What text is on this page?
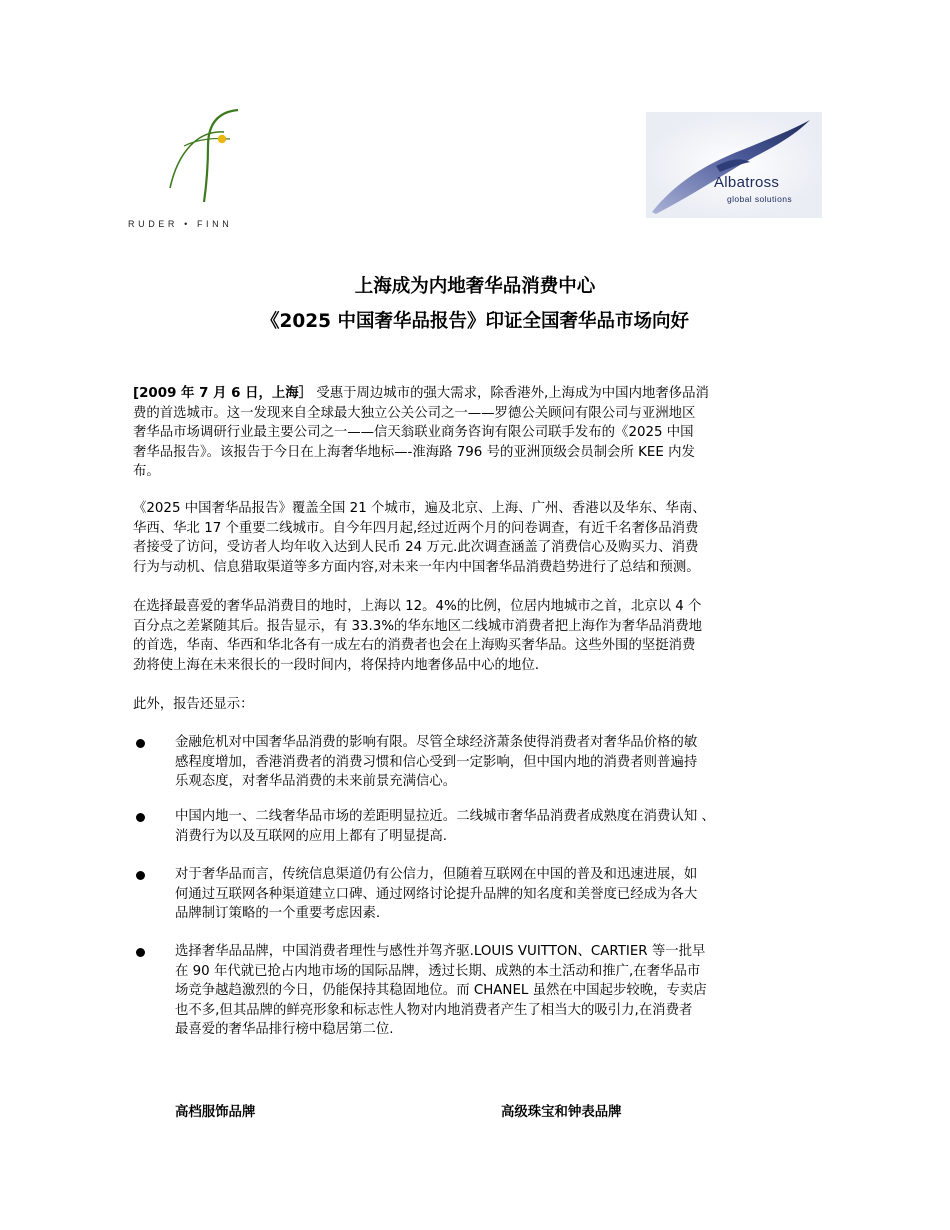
RUDER • FINN
Albatross
global solutions
上海成为内地奢华品消费中心
《2025 中国奢华品报告》印证全国奢华品市场向好

[2009 年 7 月 6 日，上海］ 受惠于周边城市的强大需求，除香港外,上海成为中国内地奢侈品消
费的首选城市。这一发现来自全球最大独立公关公司之一——罗德公关顾问有限公司与亚洲地区
奢华品市场调研行业最主要公司之一——信天翁联业商务咨询有限公司联手发布的《2025 中国
奢华品报告》。该报告于今日在上海奢华地标—-淮海路 796 号的亚洲顶级会员制会所 KEE 内发
布。

《2025 中国奢华品报告》覆盖全国 21 个城市，遍及北京、上海、广州、香港以及华东、华南、
华西、华北 17 个重要二线城市。自今年四月起,经过近两个月的问卷调查，有近千名奢侈品消费
者接受了访问，受访者人均年收入达到人民币 24 万元.此次调查涵盖了消费信心及购买力、消费
行为与动机、信息猎取渠道等多方面内容,对未来一年内中国奢华品消费趋势进行了总结和预测。

在选择最喜爱的奢华品消费目的地时，上海以 12。4%的比例，位居内地城市之首，北京以 4 个
百分点之差紧随其后。报告显示，有 33.3%的华东地区二线城市消费者把上海作为奢华品消费地
的首选，华南、华西和华北各有一成左右的消费者也会在上海购买奢华品。这些外围的坚挺消费
劲将使上海在未来很长的一段时间内，将保持内地奢侈品中心的地位.

此外，报告还显示：

金融危机对中国奢华品消费的影响有限。尽管全球经济萧条使得消费者对奢华品价格的敏
感程度增加，香港消费者的消费习惯和信心受到一定影响，但中国内地的消费者则普遍持
乐观态度，对奢华品消费的未来前景充满信心。

中国内地一、二线奢华品市场的差距明显拉近。二线城市奢华品消费者成熟度在消费认知 、
消费行为以及互联网的应用上都有了明显提高.

对于奢华品而言，传统信息渠道仍有公信力，但随着互联网在中国的普及和迅速进展，如
何通过互联网各种渠道建立口碑、通过网络讨论提升品牌的知名度和美誉度已经成为各大
品牌制订策略的一个重要考虑因素.

选择奢华品品牌，中国消费者理性与感性并驾齐驱.LOUIS VUITTON、CARTIER 等一批早
在 90 年代就已抢占内地市场的国际品牌，透过长期、成熟的本土活动和推广,在奢华品市
场竞争越趋激烈的今日，仍能保持其稳固地位。而 CHANEL 虽然在中国起步较晚，专卖店
也不多,但其品牌的鲜亮形象和标志性人物对内地消费者产生了相当大的吸引力,在消费者
最喜爱的奢华品排行榜中稳居第二位.

高档服饰品牌	高级珠宝和钟表品牌
